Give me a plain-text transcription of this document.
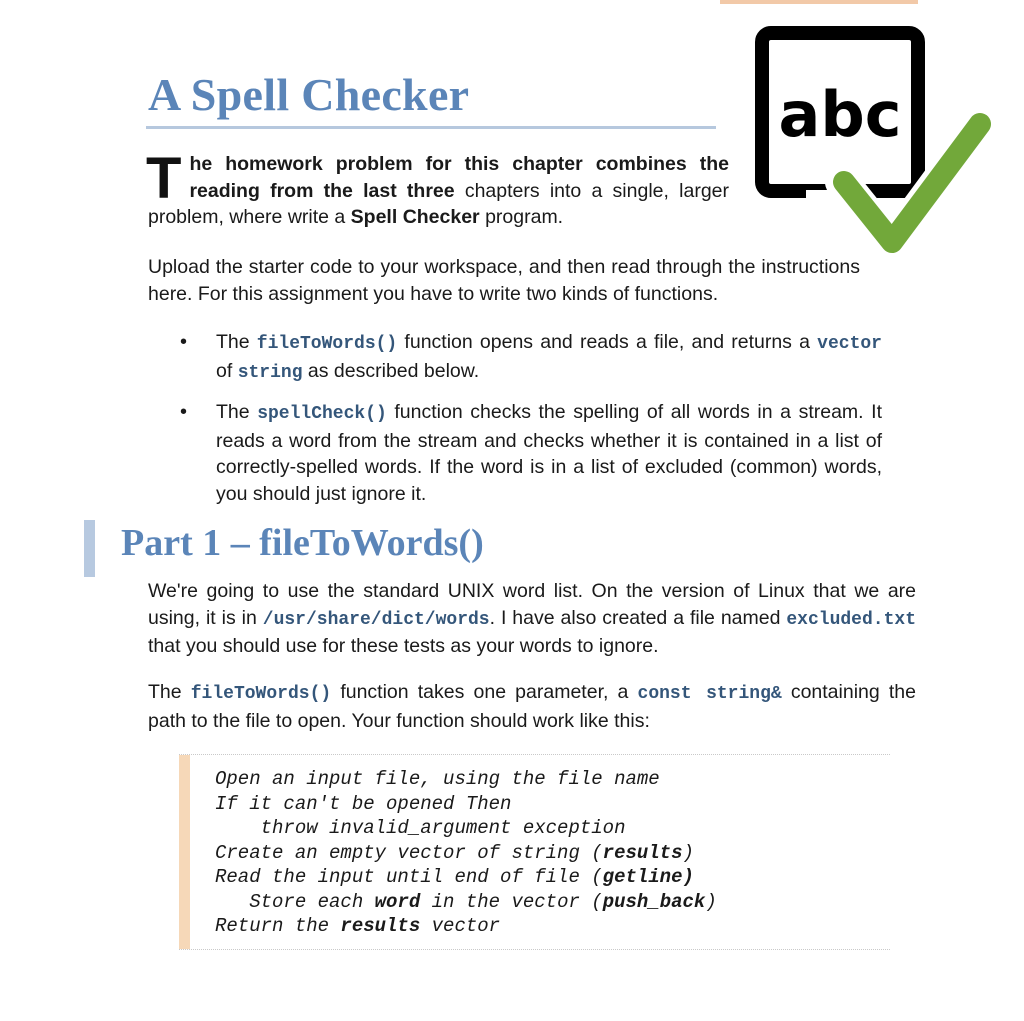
A Spell Checker	abc

The homework problem for this chapter combines the reading from the last three chapters into a single, larger problem, where write a Spell Checker program.

Upload the starter code to your workspace, and then read through the instructions here. For this assignment you have to write two kinds of functions.

• The fileToWords() function opens and reads a file, and returns a vector of string as described below.
• The spellCheck() function checks the spelling of all words in a stream. It reads a word from the stream and checks whether it is contained in a list of correctly-spelled words. If the word is in a list of excluded (common) words, you should just ignore it.
Part 1 – fileToWords()

We're going to use the standard UNIX word list. On the version of Linux that we are using, it is in /usr/share/dict/words. I have also created a file named excluded.txt that you should use for these tests as your words to ignore.

The fileToWords() function takes one parameter, a const string& containing the path to the file to open. Your function should work like this:

Open an input file, using the file name
If it can't be opened Then
throw invalid_argument exception
Create an empty vector of string (results)
Read the input until end of file (getline)
Store each word in the vector (push_back)
Return the results vector
